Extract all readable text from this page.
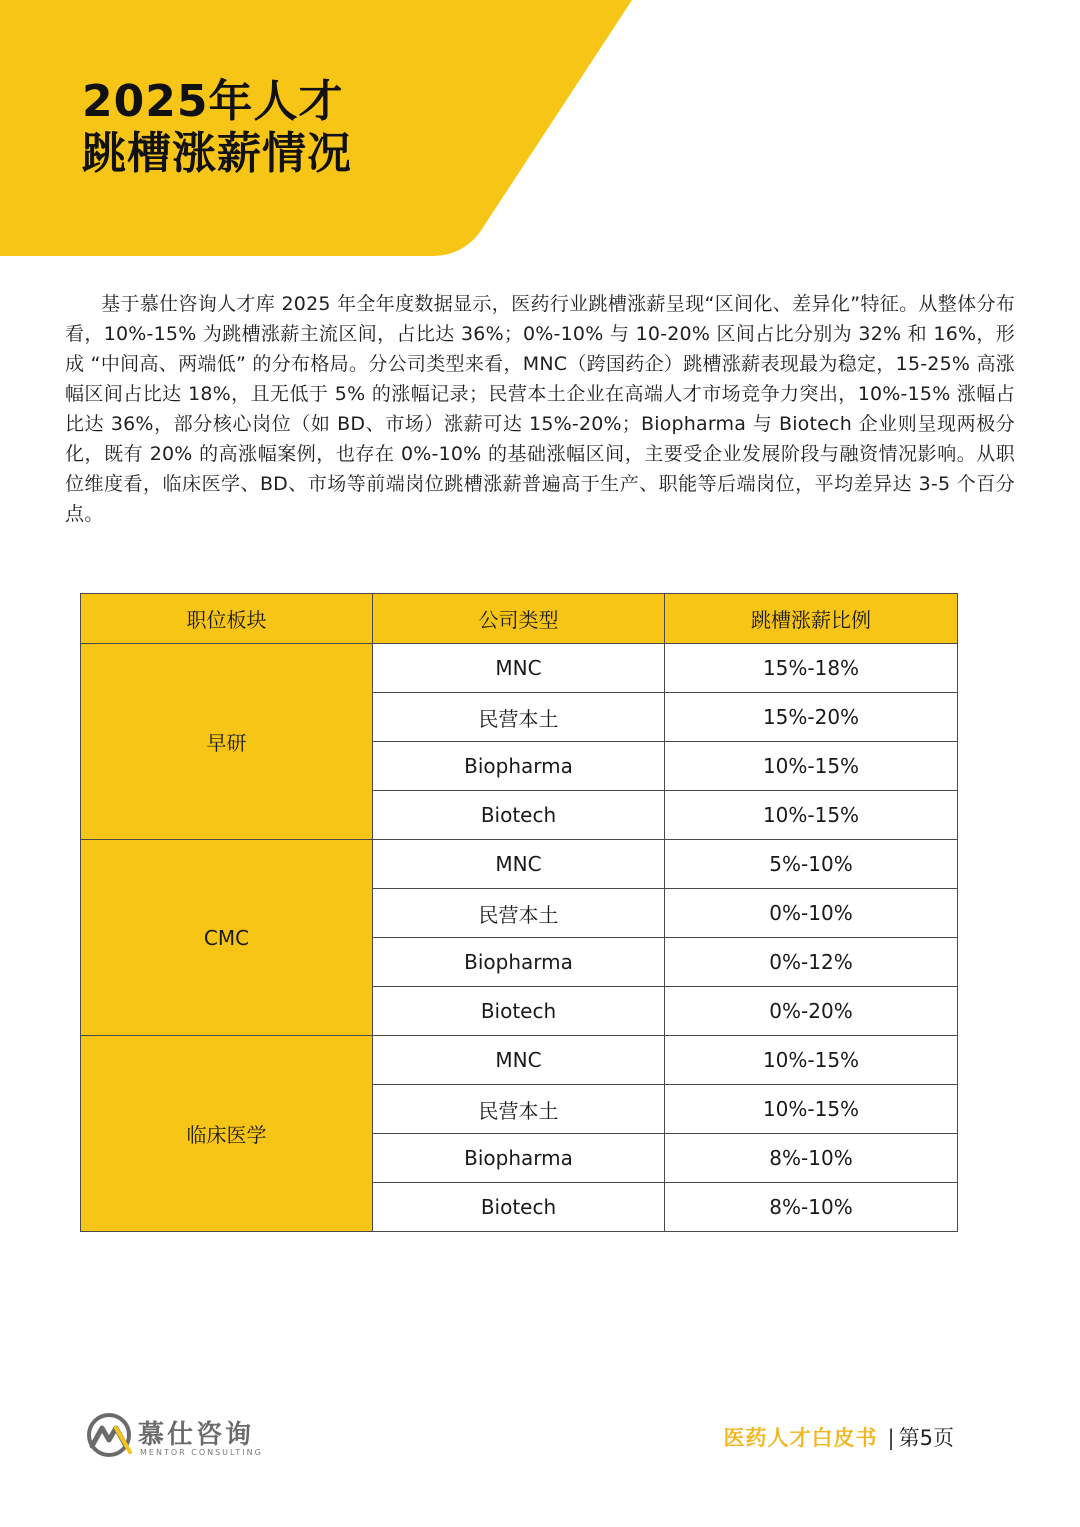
2025年人才
跳槽涨薪情况

基于慕仕咨询人才库 2025 年全年度数据显示，医药行业跳槽涨薪呈现“区间化、差异化”特征。从整体分布看，10%-15% 为跳槽涨薪主流区间，占比达 36%；0%-10% 与 10-20% 区间占比分别为 32% 和 16%，形成 “中间高、两端低” 的分布格局。分公司类型来看，MNC（跨国药企）跳槽涨薪表现最为稳定，15-25% 高涨幅区间占比达 18%，且无低于 5% 的涨幅记录；民营本土企业在高端人才市场竞争力突出，10%-15% 涨幅占比达 36%，部分核心岗位（如 BD、市场）涨薪可达 15%-20%；Biopharma 与 Biotech 企业则呈现两极分化，既有 20% 的高涨幅案例，也存在 0%-10% 的基础涨幅区间，主要受企业发展阶段与融资情况影响。从职位维度看，临床医学、BD、市场等前端岗位跳槽涨薪普遍高于生产、职能等后端岗位，平均差异达 3-5 个百分点。

职位板块	公司类型	跳槽涨薪比例
早研	MNC	15%-18%
	民营本土	15%-20%
	Biopharma	10%-15%
	Biotech	10%-15%
CMC	MNC	5%-10%
	民营本土	0%-10%
	Biopharma	0%-12%
	Biotech	0%-20%
临床医学	MNC	10%-15%
	民营本土	10%-15%
	Biopharma	8%-10%
	Biotech	8%-10%
慕仕咨询
MENTOR CONSULTING
医药人才白皮书 | 第5页
